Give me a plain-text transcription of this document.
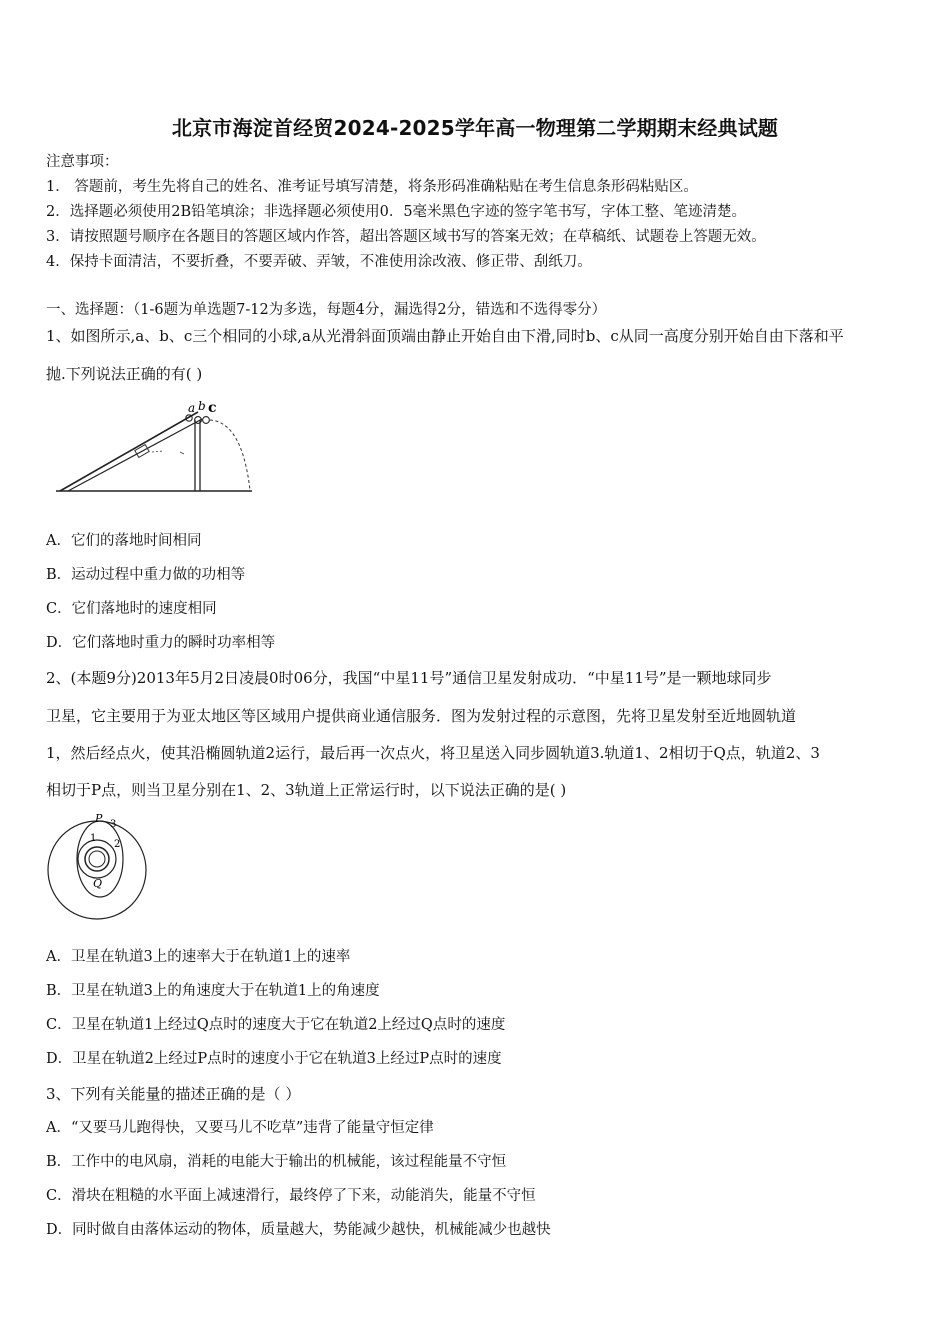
北京市海淀首经贸2024-2025学年高一物理第二学期期末经典试题
注意事项：
1． 答题前，考生先将自己的姓名、准考证号填写清楚，将条形码准确粘贴在考生信息条形码粘贴区。
2．选择题必须使用2B铅笔填涂；非选择题必须使用0．5毫米黑色字迹的签字笔书写，字体工整、笔迹清楚。
3．请按照题号顺序在各题目的答题区域内作答，超出答题区域书写的答案无效；在草稿纸、试题卷上答题无效。
4．保持卡面清洁，不要折叠，不要弄破、弄皱，不准使用涂改液、修正带、刮纸刀。
一、选择题：（1-6题为单选题7-12为多选，每题4分，漏选得2分，错选和不选得零分）
1、如图所示,a、b、c三个相同的小球,a从光滑斜面顶端由静止开始自由下滑,同时b、c从同一高度分别开始自由下落和平
抛.下列说法正确的有( )
a b c
A．它们的落地时间相同
B．运动过程中重力做的功相等
C．它们落地时的速度相同
D．它们落地时重力的瞬时功率相等
2、(本题9分)2013年5月2日凌晨0时06分，我国“中星11号”通信卫星发射成功．“中星11号”是一颗地球同步
卫星，它主要用于为亚太地区等区域用户提供商业通信服务．图为发射过程的示意图，先将卫星发射至近地圆轨道
1，然后经点火，使其沿椭圆轨道2运行，最后再一次点火，将卫星送入同步圆轨道3.轨道1、2相切于Q点，轨道2、3
相切于P点，则当卫星分别在1、2、3轨道上正常运行时，以下说法正确的是( )
P 3
1
2
Q
A．卫星在轨道3上的速率大于在轨道1上的速率
B．卫星在轨道3上的角速度大于在轨道1上的角速度
C．卫星在轨道1上经过Q点时的速度大于它在轨道2上经过Q点时的速度
D．卫星在轨道2上经过P点时的速度小于它在轨道3上经过P点时的速度
3、下列有关能量的描述正确的是（ ）
A．“又要马儿跑得快，又要马儿不吃草”违背了能量守恒定律
B．工作中的电风扇，消耗的电能大于输出的机械能，该过程能量不守恒
C．滑块在粗糙的水平面上减速滑行，最终停了下来，动能消失，能量不守恒
D．同时做自由落体运动的物体，质量越大，势能减少越快，机械能减少也越快
